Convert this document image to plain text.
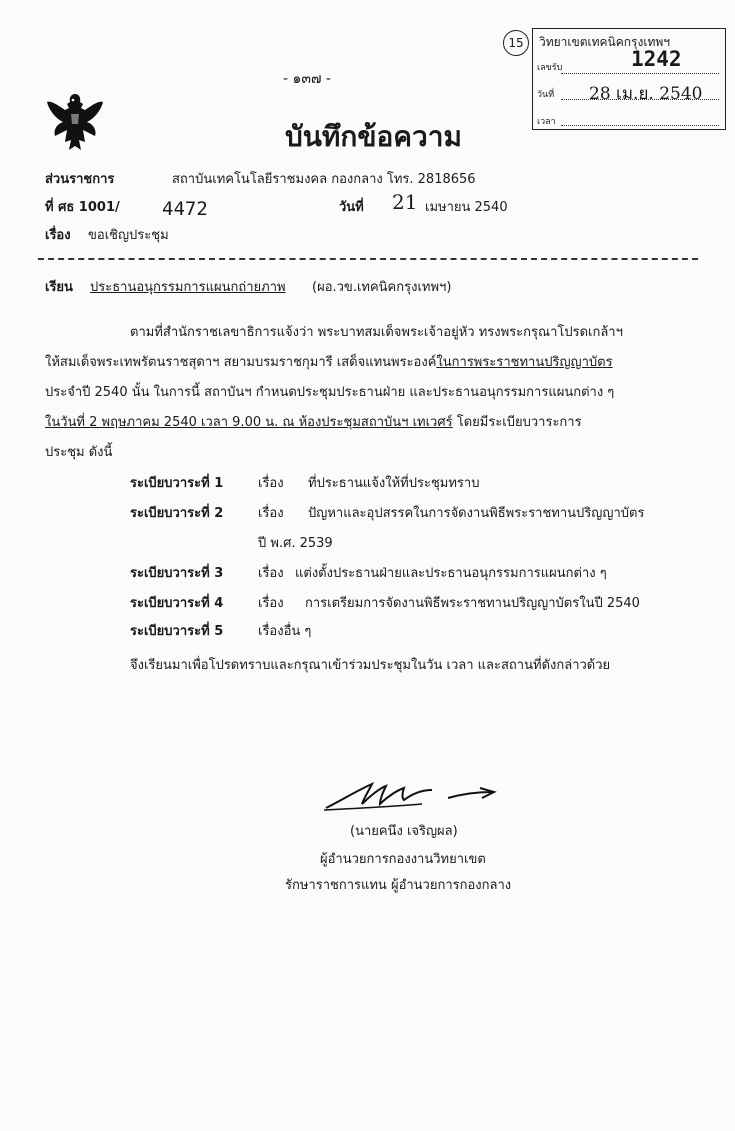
15	วิทยาเขตเทคนิคกรุงเทพฯ
เลขรับ	1242
วันที่ 28 เม.ย. 2540
เวลา
- ๑๓๗ -
บันทึกข้อความ
ส่วนราชการ	สถาบันเทคโนโลยีราชมงคล กองกลาง โทร. 2818656
ที่ ศธ 1001/ 4472	วันที่ 21 เมษายน 2540
เรื่อง ขอเชิญประชุม
เรียน ประธานอนุกรรมการแผนกถ่ายภาพ (ผอ.วข.เทคนิคกรุงเทพฯ)
ตามที่สำนักราชเลขาธิการแจ้งว่า พระบาทสมเด็จพระเจ้าอยู่หัว ทรงพระกรุณาโปรดเกล้าฯ
ให้สมเด็จพระเทพรัตนราชสุดาฯ สยามบรมราชกุมารี เสด็จแทนพระองค์ในการพระราชทานปริญญาบัตร
ประจำปี 2540 นั้น ในการนี้ สถาบันฯ กำหนดประชุมประธานฝ่าย และประธานอนุกรรมการแผนกต่าง ๆ
ในวันที่ 2 พฤษภาคม 2540 เวลา 9.00 น. ณ ห้องประชุมสถาบันฯ เทเวศร์ โดยมีระเบียบวาระการ
ประชุม ดังนี้
ระเบียบวาระที่ 1	เรื่อง ที่ประธานแจ้งให้ที่ประชุมทราบ
ระเบียบวาระที่ 2	เรื่อง ปัญหาและอุปสรรคในการจัดงานพิธีพระราชทานปริญญาบัตร
ปี พ.ศ. 2539
ระเบียบวาระที่ 3	เรื่อง แต่งตั้งประธานฝ่ายและประธานอนุกรรมการแผนกต่าง ๆ
ระเบียบวาระที่ 4	เรื่อง การเตรียมการจัดงานพิธีพระราชทานปริญญาบัตรในปี 2540
ระเบียบวาระที่ 5	เรื่องอื่น ๆ
จึงเรียนมาเพื่อโปรดทราบและกรุณาเข้าร่วมประชุมในวัน เวลา และสถานที่ดังกล่าวด้วย
(นายคนึง เจริญผล)
ผู้อำนวยการกองงานวิทยาเขต
รักษาราชการแทน ผู้อำนวยการกองกลาง
